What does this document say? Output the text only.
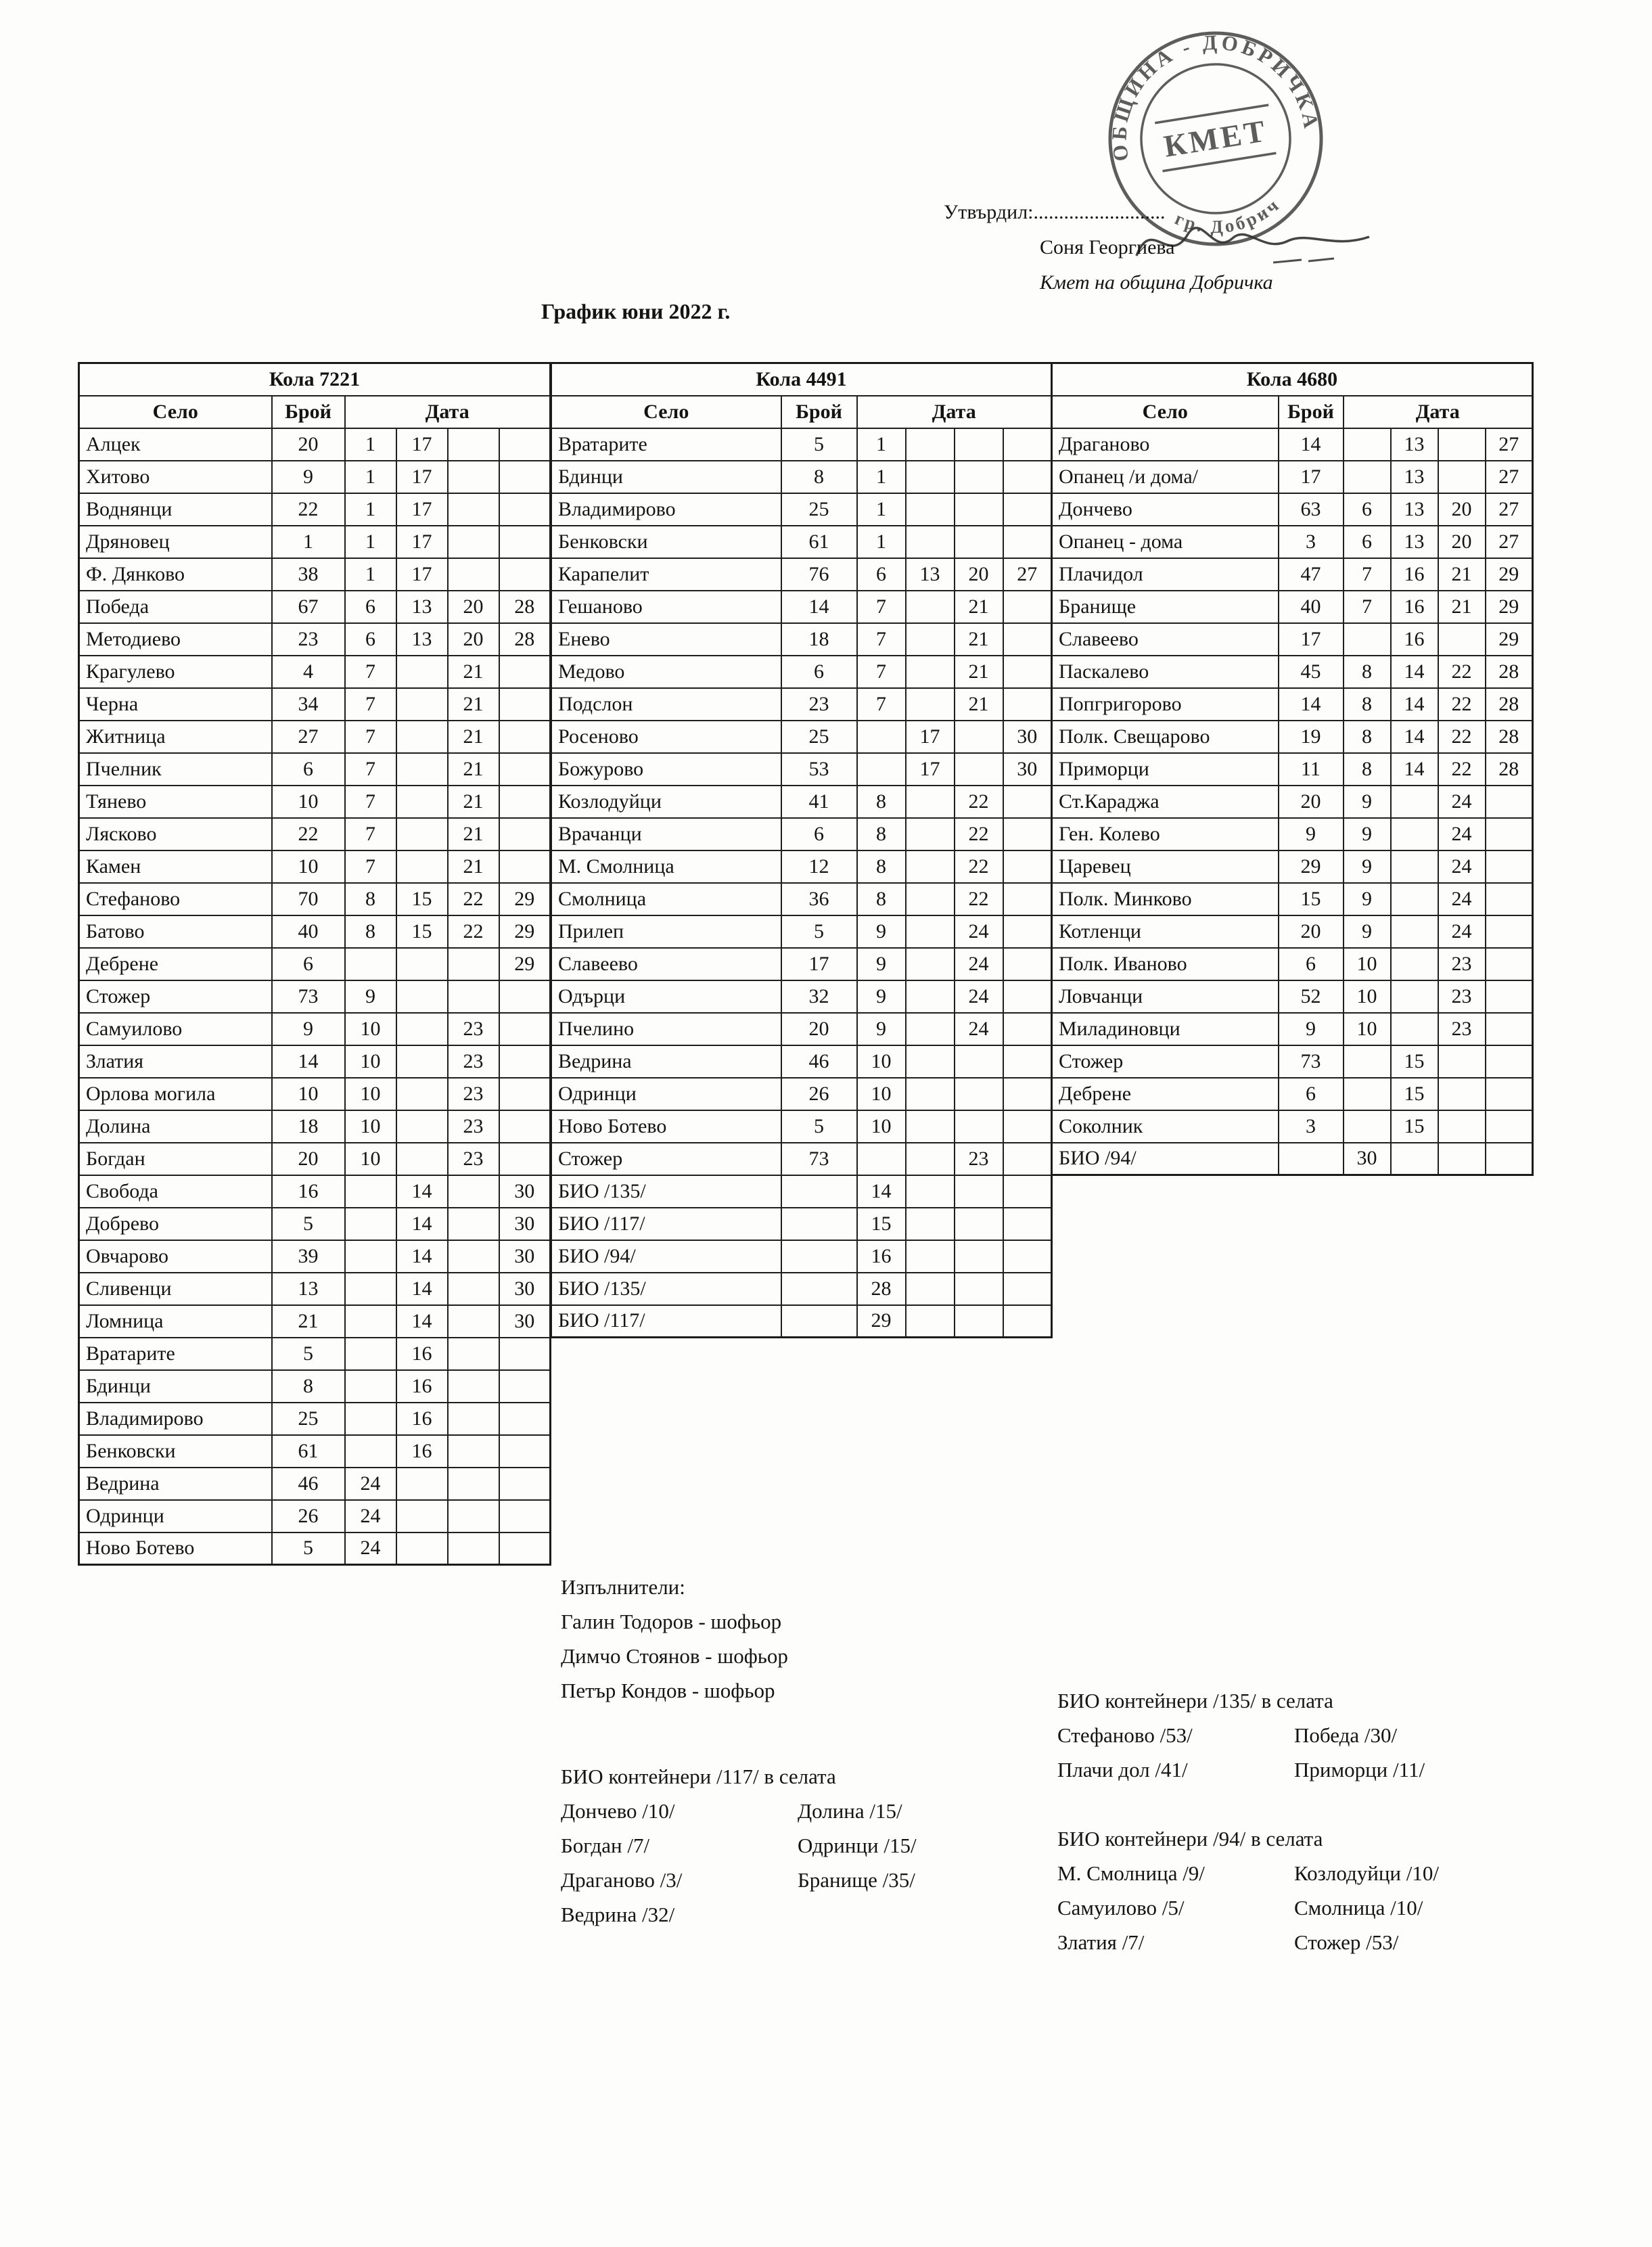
ОБЩИНА - ДОБРИЧКА
гр. Добрич
КМЕТ
Утвърдил:..........................
Соня Георгиева
Кмет на община Добричка
График юни 2022 г.
Кола 7221					
Село	Брой	Дата			
Алцек	20	1	17		
Хитово	9	1	17		
Воднянци	22	1	17		
Дряновец	1	1	17		
Ф. Дянково	38	1	17		
Победа	67	6	13	20	28
Методиево	23	6	13	20	28
Крагулево	4	7		21	
Черна	34	7		21	
Житница	27	7		21	
Пчелник	6	7		21	
Тянево	10	7		21	
Лясково	22	7		21	
Камен	10	7		21	
Стефаново	70	8	15	22	29
Батово	40	8	15	22	29
Дебрене	6				29
Стожер	73	9			
Самуилово	9	10		23	
Златия	14	10		23	
Орлова могила	10	10		23	
Долина	18	10		23	
Богдан	20	10		23	
Свобода	16		14		30
Добрево	5		14		30
Овчарово	39		14		30
Сливенци	13		14		30
Ломница	21		14		30
Вратарите	5		16		
Бдинци	8		16		
Владимирово	25		16		
Бенковски	61		16		
Ведрина	46	24			
Одринци	26	24			
Ново Ботево	5	24			
Кола 4491					
Село	Брой	Дата			
Вратарите	5	1			
Бдинци	8	1			
Владимирово	25	1			
Бенковски	61	1			
Карапелит	76	6	13	20	27
Гешаново	14	7		21	
Енево	18	7		21	
Медово	6	7		21	
Подслон	23	7		21	
Росеново	25		17		30
Божурово	53		17		30
Козлодуйци	41	8		22	
Врачанци	6	8		22	
М. Смолница	12	8		22	
Смолница	36	8		22	
Прилеп	5	9		24	
Славеево	17	9		24	
Одърци	32	9		24	
Пчелино	20	9		24	
Ведрина	46	10			
Одринци	26	10			
Ново Ботево	5	10			
Стожер	73			23	
БИО /135/		14			
БИО /117/		15			
БИО /94/		16			
БИО /135/		28			
БИО /117/		29			
Кола 4680					
Село	Брой	Дата			
Драганово	14		13		27
Опанец /и дома/	17		13		27
Дончево	63	6	13	20	27
Опанец - дома	3	6	13	20	27
Плачидол	47	7	16	21	29
Бранище	40	7	16	21	29
Славеево	17		16		29
Паскалево	45	8	14	22	28
Попгригорово	14	8	14	22	28
Полк. Свещарово	19	8	14	22	28
Приморци	11	8	14	22	28
Ст.Караджа	20	9		24	
Ген. Колево	9	9		24	
Царевец	29	9		24	
Полк. Минково	15	9		24	
Котленци	20	9		24	
Полк. Иваново	6	10		23	
Ловчанци	52	10		23	
Миладиновци	9	10		23	
Стожер	73		15		
Дебрене	6		15		
Соколник	3		15		
БИО /94/		30			
Изпълнители:
Галин Тодоров - шофьор
Димчо Стоянов - шофьор
Петър Кондов - шофьор	БИО контейнери /135/ в селата
Стефаново /53/	Победа /30/
Плачи дол /41/	Приморци /11/
БИО контейнери /117/ в селата
Дончево /10/	Долина /15/
Богдан /7/	Одринци /15/
Драганово /3/	Бранище /35/
Ведрина /32/
БИО контейнери /94/ в селата
М. Смолница /9/	Козлодуйци /10/
Самуилово /5/	Смолница /10/
Златия /7/	Стожер /53/
